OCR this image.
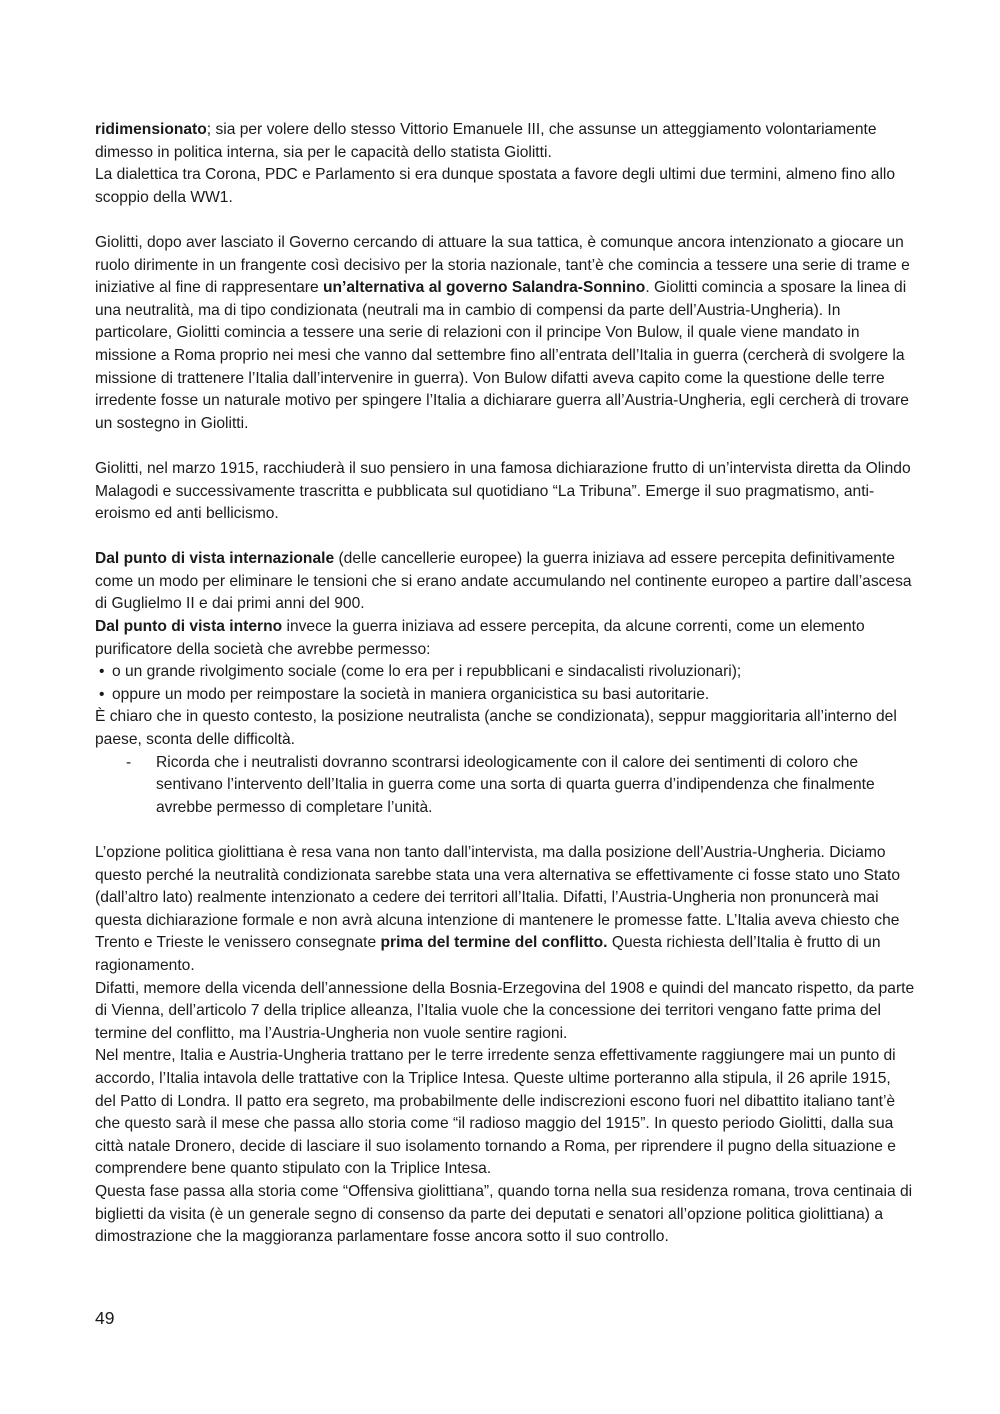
ridimensionato; sia per volere dello stesso Vittorio Emanuele III, che assunse un atteggiamento volontariamente dimesso in politica interna, sia per le capacità dello statista Giolitti.

La dialettica tra Corona, PDC e Parlamento si era dunque spostata a favore degli ultimi due termini, almeno fino allo scoppio della WW1.

Giolitti, dopo aver lasciato il Governo cercando di attuare la sua tattica, è comunque ancora intenzionato a giocare un ruolo dirimente in un frangente così decisivo per la storia nazionale, tant’è che comincia a tessere una serie di trame e iniziative al fine di rappresentare un’alternativa al governo Salandra-Sonnino. Giolitti comincia a sposare la linea di una neutralità, ma di tipo condizionata (neutrali ma in cambio di compensi da parte dell’Austria-Ungheria). In particolare, Giolitti comincia a tessere una serie di relazioni con il principe Von Bulow, il quale viene mandato in missione a Roma proprio nei mesi che vanno dal settembre fino all’entrata dell’Italia in guerra (cercherà di svolgere la missione di trattenere l’Italia dall’intervenire in guerra). Von Bulow difatti aveva capito come la questione delle terre irredente fosse un naturale motivo per spingere l’Italia a dichiarare guerra all’Austria-Ungheria, egli cercherà di trovare un sostegno in Giolitti.

Giolitti, nel marzo 1915, racchiuderà il suo pensiero in una famosa dichiarazione frutto di un’intervista diretta da Olindo Malagodi e successivamente trascritta e pubblicata sul quotidiano “La Tribuna”. Emerge il suo pragmatismo, anti-eroismo ed anti bellicismo.

Dal punto di vista internazionale (delle cancellerie europee) la guerra iniziava ad essere percepita definitivamente come un modo per eliminare le tensioni che si erano andate accumulando nel continente europeo a partire dall’ascesa di Guglielmo II e dai primi anni del 900.

Dal punto di vista interno invece la guerra iniziava ad essere percepita, da alcune correnti, come un elemento purificatore della società che avrebbe permesso:

• o un grande rivolgimento sociale (come lo era per i repubblicani e sindacalisti rivoluzionari);
• oppure un modo per reimpostare la società in maniera organicistica su basi autoritarie.

È chiaro che in questo contesto, la posizione neutralista (anche se condizionata), seppur maggioritaria all’interno del paese, sconta delle difficoltà.

- Ricorda che i neutralisti dovranno scontrarsi ideologicamente con il calore dei sentimenti di coloro che sentivano l’intervento dell’Italia in guerra come una sorta di quarta guerra d’indipendenza che finalmente avrebbe permesso di completare l’unità.

L’opzione politica giolittiana è resa vana non tanto dall’intervista, ma dalla posizione dell’Austria-Ungheria. Diciamo questo perché la neutralità condizionata sarebbe stata una vera alternativa se effettivamente ci fosse stato uno Stato (dall’altro lato) realmente intenzionato a cedere dei territori all’Italia. Difatti, l’Austria-Ungheria non pronuncerà mai questa dichiarazione formale e non avrà alcuna intenzione di mantenere le promesse fatte. L’Italia aveva chiesto che Trento e Trieste le venissero consegnate prima del termine del conflitto. Questa richiesta dell’Italia è frutto di un ragionamento.

Difatti, memore della vicenda dell’annessione della Bosnia-Erzegovina del 1908 e quindi del mancato rispetto, da parte di Vienna, dell’articolo 7 della triplice alleanza, l’Italia vuole che la concessione dei territori vengano fatte prima del termine del conflitto, ma l’Austria-Ungheria non vuole sentire ragioni.

Nel mentre, Italia e Austria-Ungheria trattano per le terre irredente senza effettivamente raggiungere mai un punto di accordo, l’Italia intavola delle trattative con la Triplice Intesa. Queste ultime porteranno alla stipula, il 26 aprile 1915, del Patto di Londra. Il patto era segreto, ma probabilmente delle indiscrezioni escono fuori nel dibattito italiano tant’è che questo sarà il mese che passa allo storia come “il radioso maggio del 1915”. In questo periodo Giolitti, dalla sua città natale Dronero, decide di lasciare il suo isolamento tornando a Roma, per riprendere il pugno della situazione e comprendere bene quanto stipulato con la Triplice Intesa.

Questa fase passa alla storia come “Offensiva giolittiana”, quando torna nella sua residenza romana, trova centinaia di biglietti da visita (è un generale segno di consenso da parte dei deputati e senatori all’opzione politica giolittiana) a dimostrazione che la maggioranza parlamentare fosse ancora sotto il suo controllo.

49
